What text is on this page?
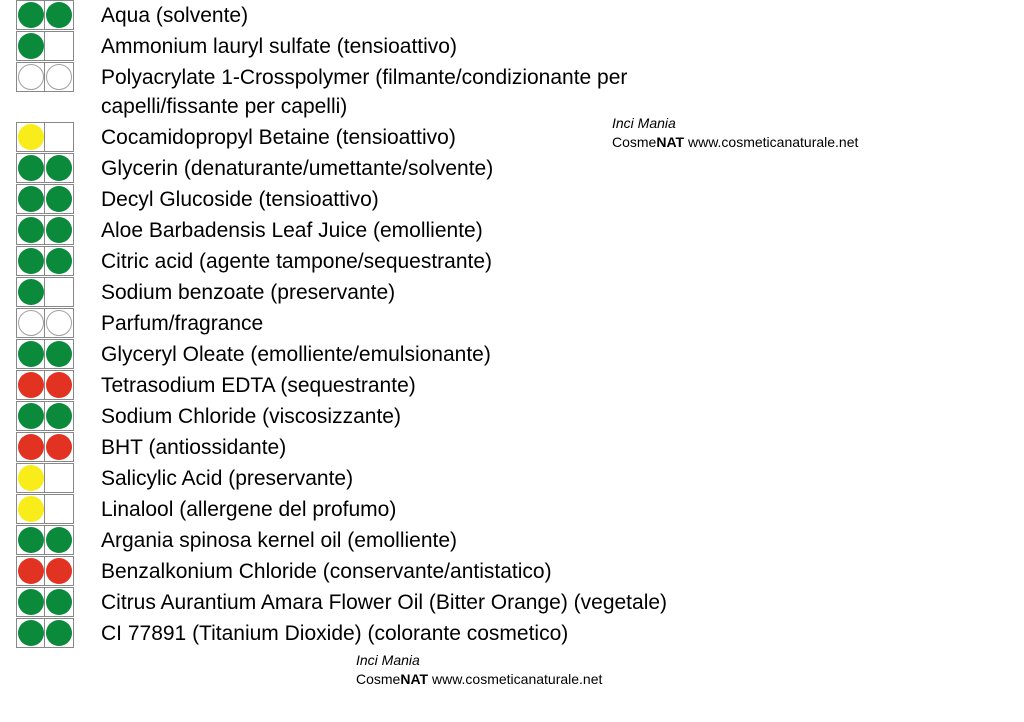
Aqua (solvente)
Ammonium lauryl sulfate (tensioattivo)
Polyacrylate 1-Crosspolymer (filmante/condizionante per
capelli/fissante per capelli)
Cocamidopropyl Betaine (tensioattivo)
Glycerin (denaturante/umettante/solvente)
Decyl Glucoside (tensioattivo)
Aloe Barbadensis Leaf Juice (emolliente)
Citric acid (agente tampone/sequestrante)
Sodium benzoate (preservante)
Parfum/fragrance
Glyceryl Oleate (emolliente/emulsionante)
Tetrasodium EDTA (sequestrante)
Sodium Chloride (viscosizzante)
BHT (antiossidante)
Salicylic Acid (preservante)
Linalool (allergene del profumo)
Argania spinosa kernel oil (emolliente)
Benzalkonium Chloride (conservante/antistatico)
Citrus Aurantium Amara Flower Oil (Bitter Orange) (vegetale)
CI 77891 (Titanium Dioxide) (colorante cosmetico)
Inci Mania
CosmeNAT www.cosmeticanaturale.net
Inci Mania
CosmeNAT www.cosmeticanaturale.net
